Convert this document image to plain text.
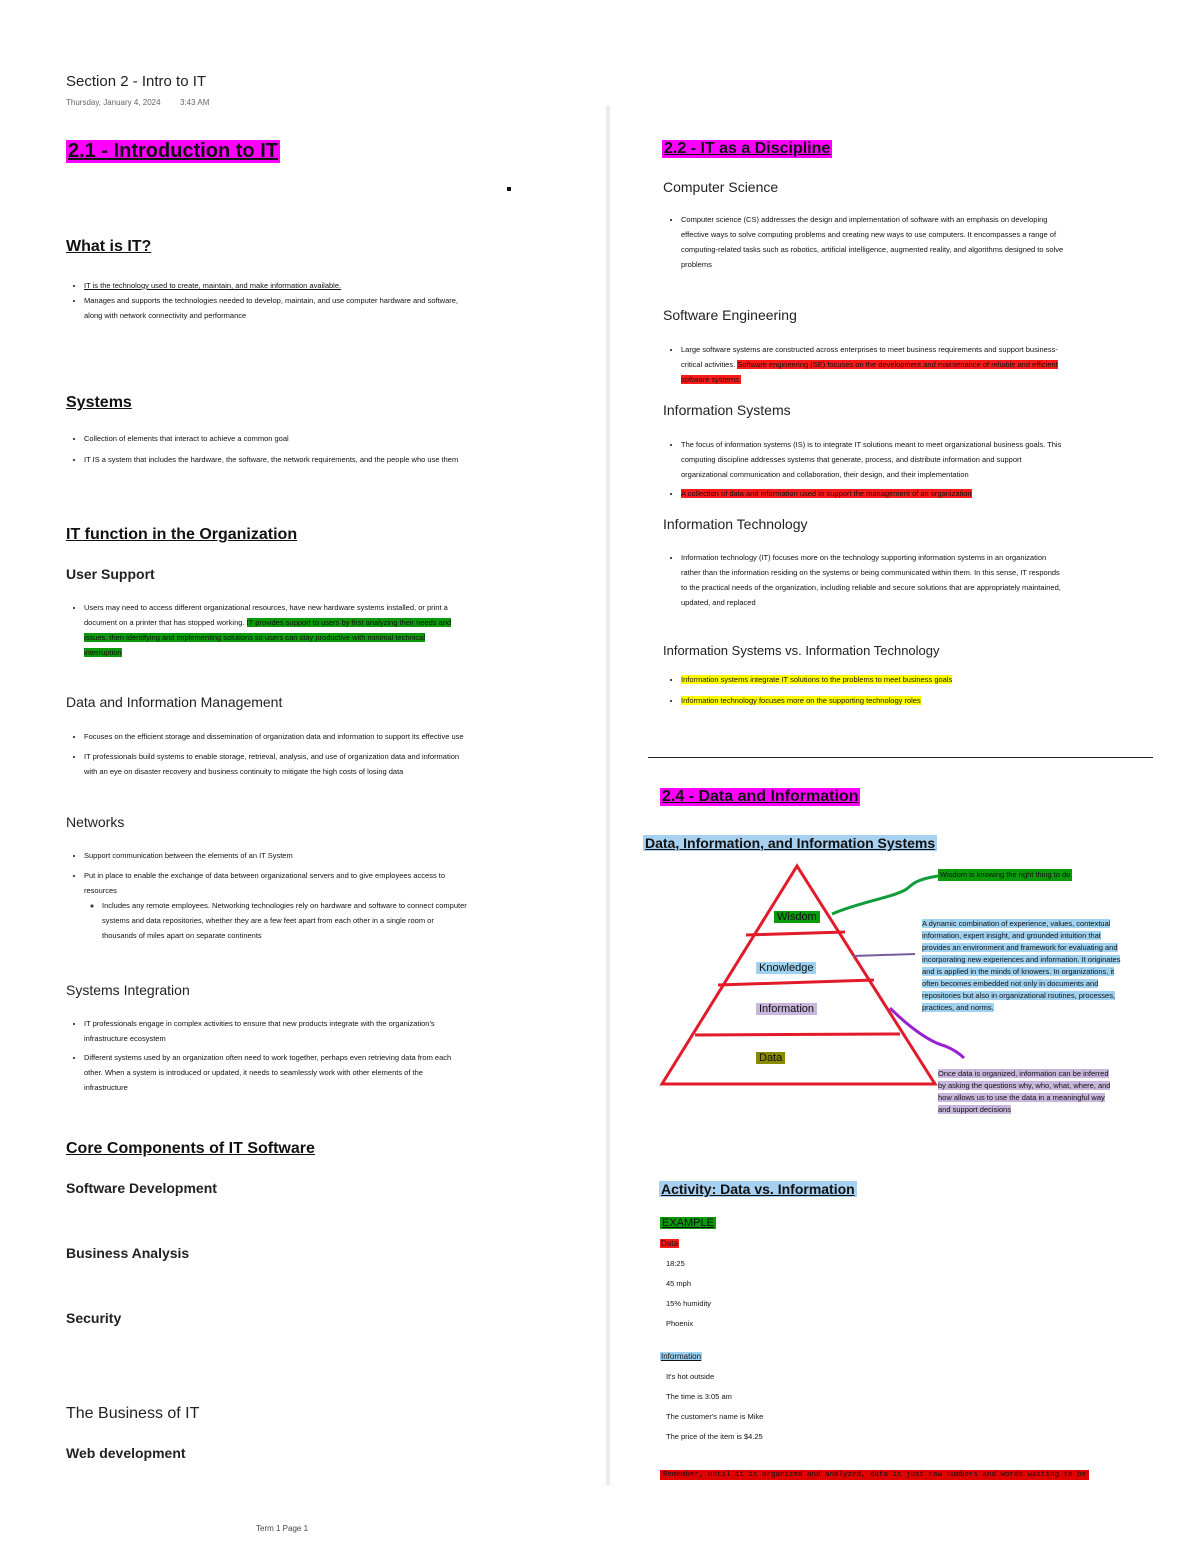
Section 2 - Intro to IT
Thursday, January 4, 2024 3:43 AM
2.1 - Introduction to IT
What is IT?
• IT is the technology used to create, maintain, and make information available.
• Manages and supports the technologies needed to develop, maintain, and use computer hardware and software,
along with network connectivity and performance
Systems
• Collection of elements that interact to achieve a common goal
• IT IS a system that includes the hardware, the software, the network requirements, and the people who use them
IT function in the Organization
User Support
• Users may need to access different organizational resources, have new hardware systems installed, or print a
document on a printer that has stopped working. IT provides support to users by first analyzing their needs and
issues, then identifying and implementing solutions so users can stay productive with minimal technical
interruption
Data and Information Management
• Focuses on the efficient storage and dissemination of organization data and information to support its effective use
• IT professionals build systems to enable storage, retrieval, analysis, and use of organization data and information
with an eye on disaster recovery and business continuity to mitigate the high costs of losing data
Networks
• Support communication between the elements of an IT System
• Put in place to enable the exchange of data between organizational servers and to give employees access to
resources
◦ Includes any remote employees. Networking technologies rely on hardware and software to connect computer
systems and data repositories, whether they are a few feet apart from each other in a single room or
thousands of miles apart on separate continents
Systems Integration
• IT professionals engage in complex activities to ensure that new products integrate with the organization's
infrastructure ecosystem
• Different systems used by an organization often need to work together, perhaps even retrieving data from each
other. When a system is introduced or updated, it needs to seamlessly work with other elements of the
infrastructure
Core Components of IT Software
Software Development
Business Analysis
Security
The Business of IT
Web development
Term 1 Page 1
2.2 - IT as a Discipline
Computer Science
• Computer science (CS) addresses the design and implementation of software with an emphasis on developing
effective ways to solve computing problems and creating new ways to use computers. It encompasses a range of
computing-related tasks such as robotics, artificial intelligence, augmented reality, and algorithms designed to solve
problems
Software Engineering
• Large software systems are constructed across enterprises to meet business requirements and support business-
critical activities. Software engineering (SE) focuses on the development and maintenance of reliable and efficient
software systems.
Information Systems
• The focus of information systems (IS) is to integrate IT solutions meant to meet organizational business goals. This
computing discipline addresses systems that generate, process, and distribute information and support
organizational communication and collaboration, their design, and their implementation
• A collection of data and information used to support the management of an organization
Information Technology
• Information technology (IT) focuses more on the technology supporting information systems in an organization
rather than the information residing on the systems or being communicated within them. In this sense, IT responds
to the practical needs of the organization, including reliable and secure solutions that are appropriately maintained,
updated, and replaced
Information Systems vs. Information Technology
• Information systems integrate IT solutions to the problems to meet business goals
• Information technology focuses more on the supporting technology roles
2.4 - Data and Information
Data, Information, and Information Systems
Wisdom
Knowledge
Information
Data
Wisdom is knowing the right thing to do
A dynamic combination of experience, values, contextual
information, expert insight, and grounded intuition that
provides an environment and framework for evaluating and
incorporating new experiences and information. It originates
and is applied in the minds of knowers. In organizations, it
often becomes embedded not only in documents and
repositories but also in organizational routines, processes,
practices, and norms.
Once data is organized, information can be inferred
by asking the questions why, who, what, where, and
how allows us to use the data in a meaningful way
and support decisions
Activity: Data vs. Information
EXAMPLE
Data
18:25
45 mph
15% humidity
Phoenix
Information
It's hot outside
The time is 3:05 am
The customer's name is Mike
The price of the item is $4.25
Remember, until it is organized and analyzed, data is just raw numbers and words waiting to be
